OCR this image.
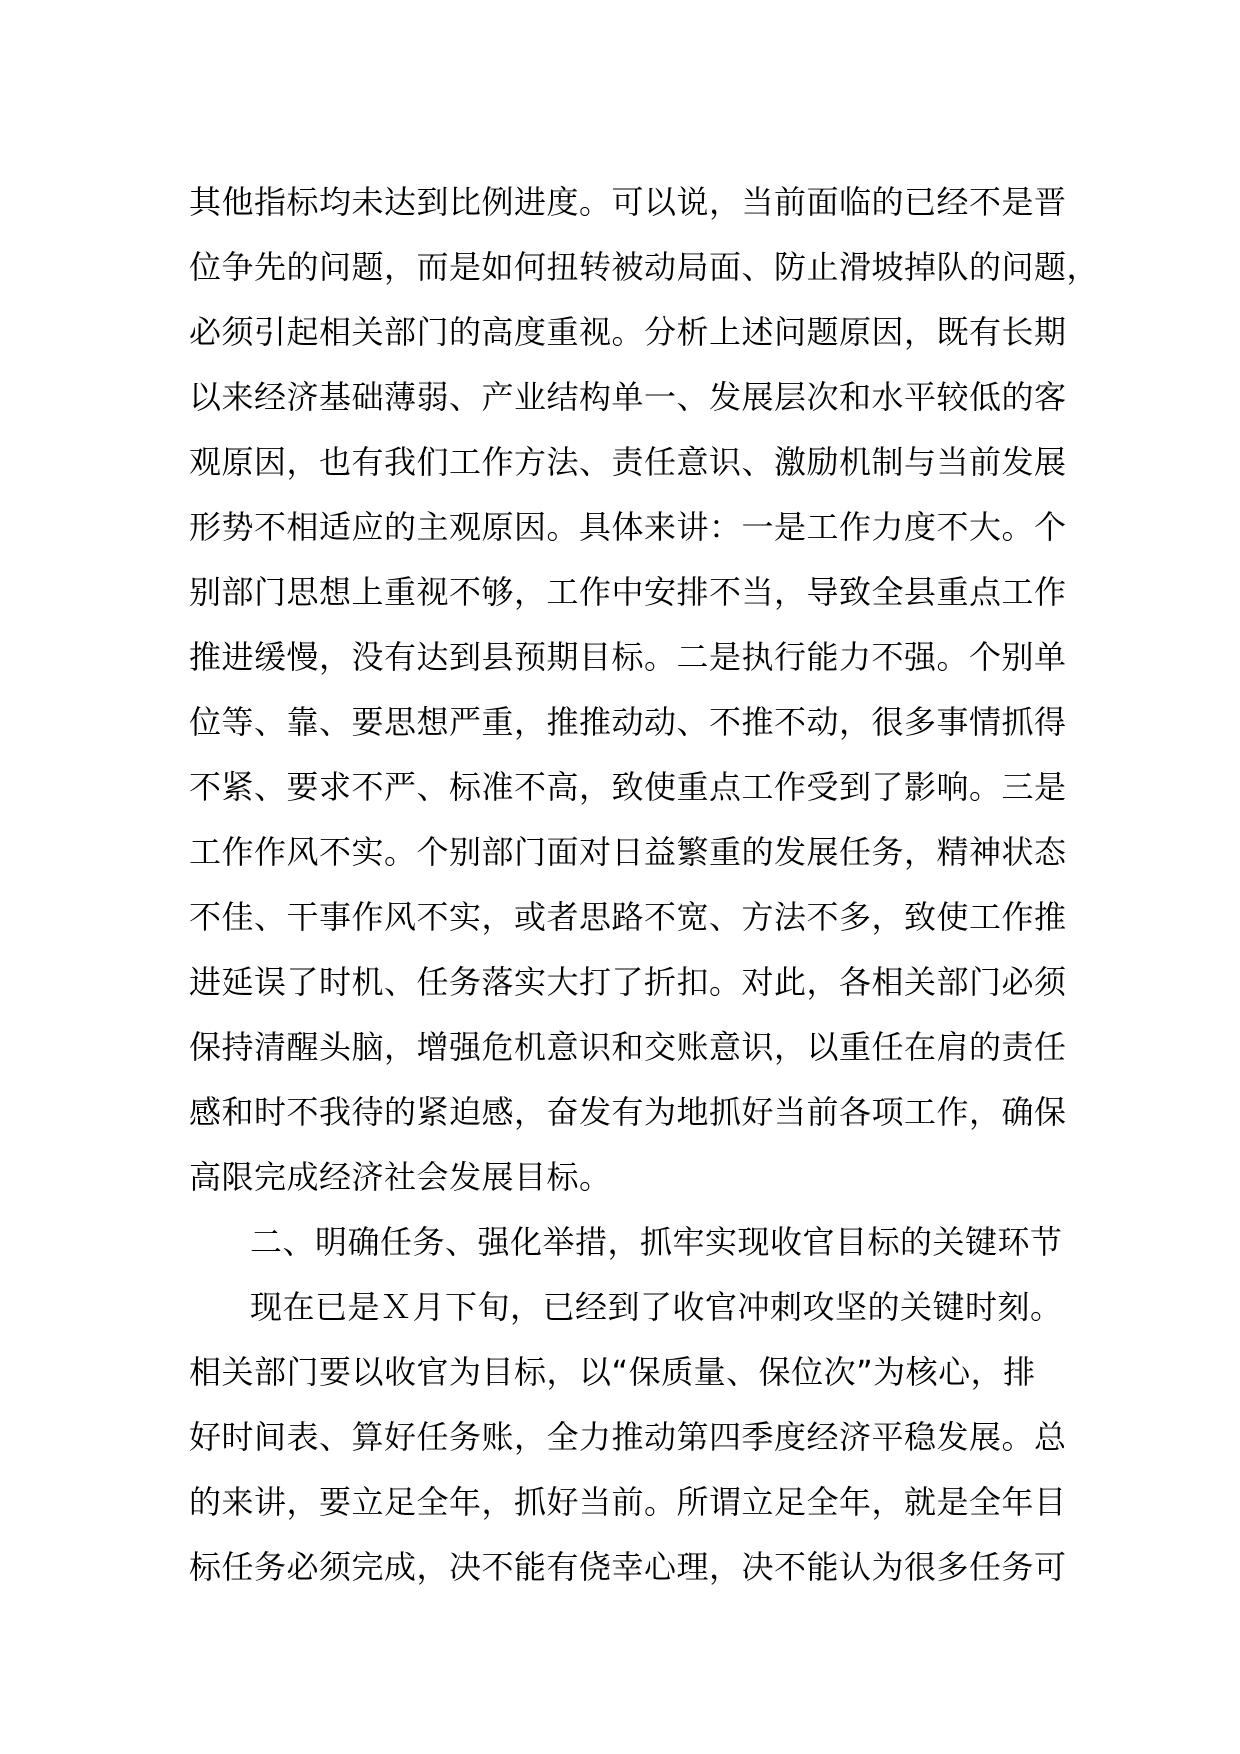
其他指标均未达到比例进度。可以说，当前面临的已经不是晋
位争先的问题，而是如何扭转被动局面、防止滑坡掉队的问题，
必须引起相关部门的高度重视。分析上述问题原因，既有长期
以来经济基础薄弱、产业结构单一、发展层次和水平较低的客
观原因，也有我们工作方法、责任意识、激励机制与当前发展
形势不相适应的主观原因。具体来讲：一是工作力度不大。个
别部门思想上重视不够，工作中安排不当，导致全县重点工作
推进缓慢，没有达到县预期目标。二是执行能力不强。个别单
位等、靠、要思想严重，推推动动、不推不动，很多事情抓得
不紧、要求不严、标准不高，致使重点工作受到了影响。三是
工作作风不实。个别部门面对日益繁重的发展任务，精神状态
不佳、干事作风不实，或者思路不宽、方法不多，致使工作推
进延误了时机、任务落实大打了折扣。对此，各相关部门必须
保持清醒头脑，增强危机意识和交账意识，以重任在肩的责任
感和时不我待的紧迫感，奋发有为地抓好当前各项工作，确保
高限完成经济社会发展目标。
二、明确任务、强化举措，抓牢实现收官目标的关键环节
现在已是Ｘ月下旬，已经到了收官冲刺攻坚的关键时刻。
相关部门要以收官为目标，以“保质量、保位次”为核心，排
好时间表、算好任务账，全力推动第四季度经济平稳发展。总
的来讲，要立足全年，抓好当前。所谓立足全年，就是全年目
标任务必须完成，决不能有侥幸心理，决不能认为很多任务可
